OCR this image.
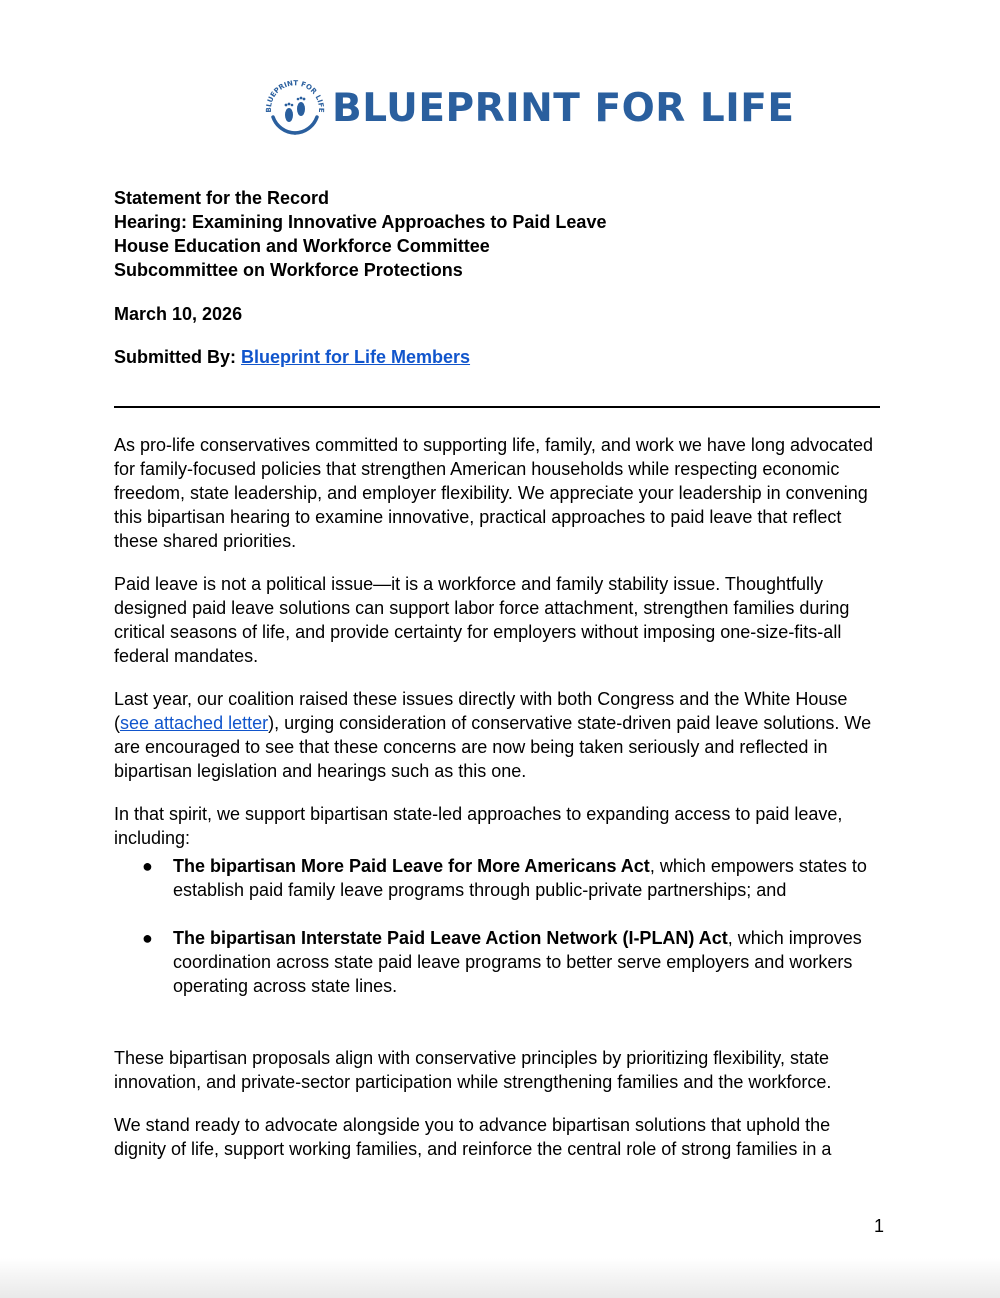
BLUEPRINT FOR LIFE BLUEPRINT FOR LIFE
Statement for the Record
Hearing: Examining Innovative Approaches to Paid Leave
House Education and Workforce Committee
Subcommittee on Workforce Protections
March 10, 2026
Submitted By: Blueprint for Life Members

As pro-life conservatives committed to supporting life, family, and work we have long advocated for family-focused policies that strengthen American households while respecting economic freedom, state leadership, and employer flexibility. We appreciate your leadership in convening this bipartisan hearing to examine innovative, practical approaches to paid leave that reflect these shared priorities.

Paid leave is not a political issue—it is a workforce and family stability issue. Thoughtfully designed paid leave solutions can support labor force attachment, strengthen families during critical seasons of life, and provide certainty for employers without imposing one-size-fits-all federal mandates.

Last year, our coalition raised these issues directly with both Congress and the White House (see attached letter), urging consideration of conservative state-driven paid leave solutions. We are encouraged to see that these concerns are now being taken seriously and reflected in bipartisan legislation and hearings such as this one.

In that spirit, we support bipartisan state-led approaches to expanding access to paid leave, including:

● The bipartisan More Paid Leave for More Americans Act, which empowers states to establish paid family leave programs through public-private partnerships; and
● The bipartisan Interstate Paid Leave Action Network (I-PLAN) Act, which improves coordination across state paid leave programs to better serve employers and workers operating across state lines.

These bipartisan proposals align with conservative principles by prioritizing flexibility, state innovation, and private-sector participation while strengthening families and the workforce.

We stand ready to advocate alongside you to advance bipartisan solutions that uphold the dignity of life, support working families, and reinforce the central role of strong families in a

1
